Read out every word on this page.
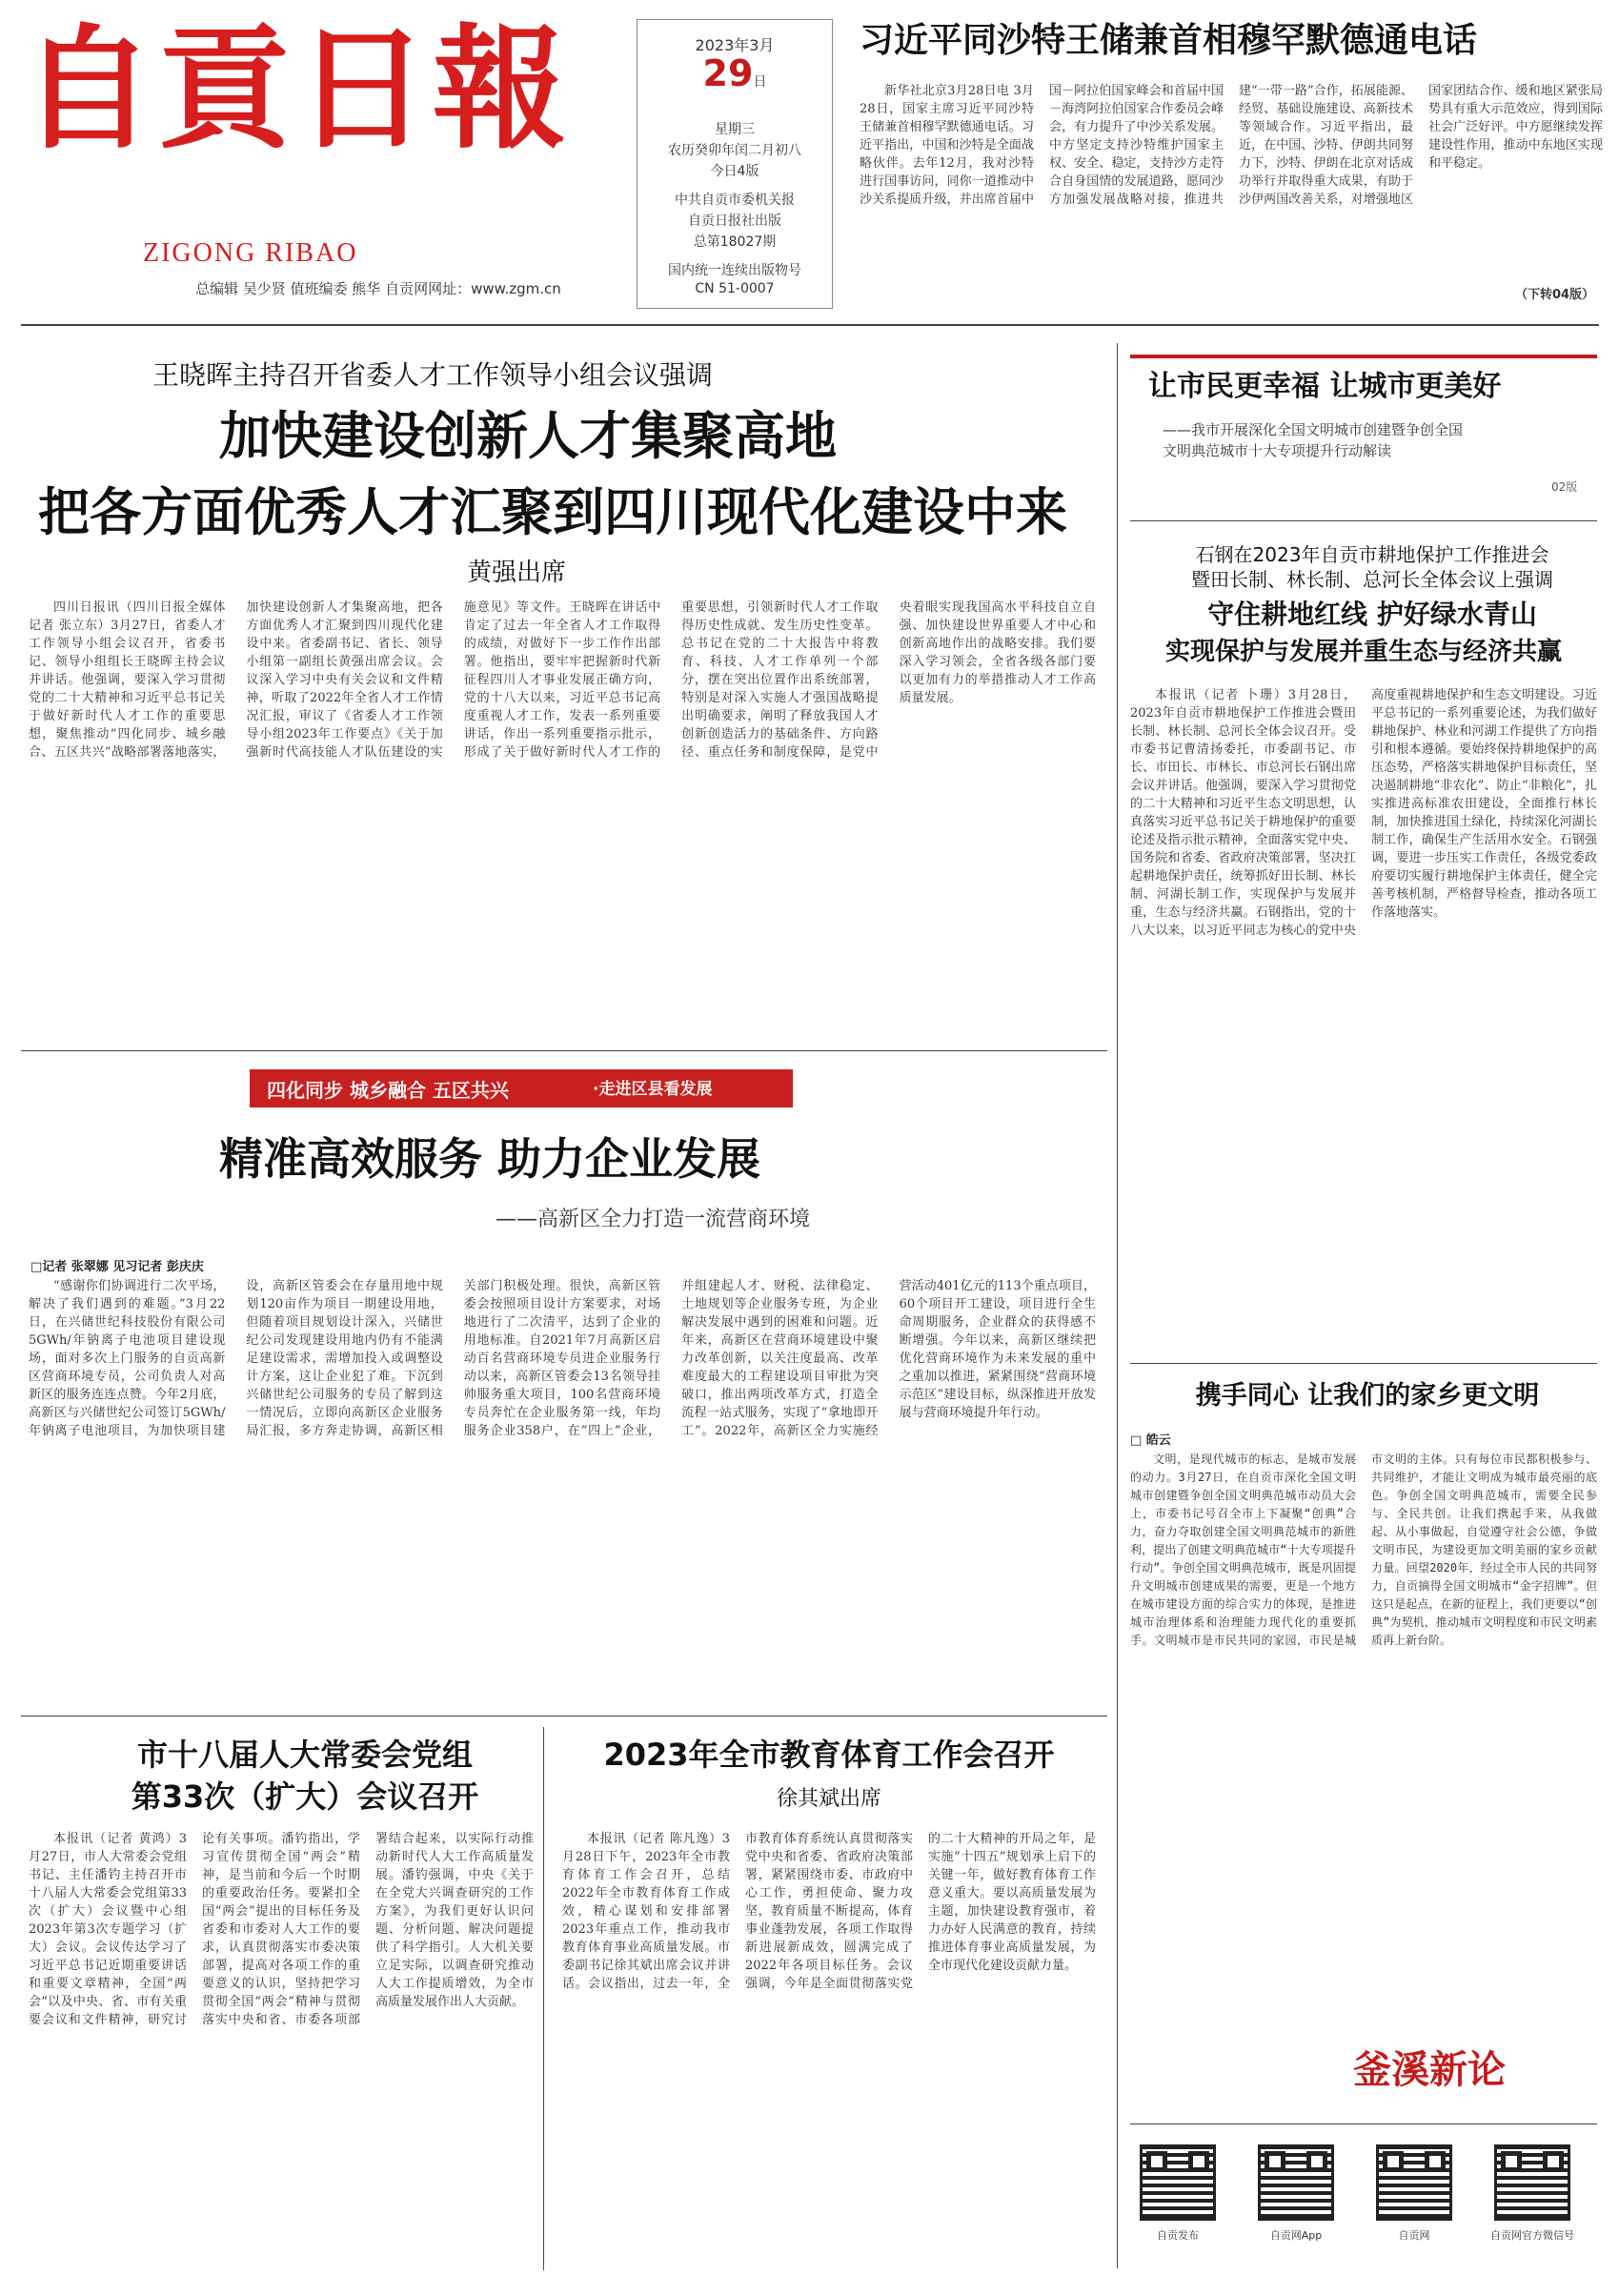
自貢日報
ZIGONG RIBAO
总编辑 吴少贤 值班编委 熊华 自贡网网址：www.zgm.cn
2023年3月
29日
星期三
农历癸卯年闰二月初八
今日4版
中共自贡市委机关报
自贡日报社出版
总第18027期
国内统一连续出版物号
CN 51-0007
习近平同沙特王储兼首相穆罕默德通电话

新华社北京3月28日电 3月28日，国家主席习近平同沙特王储兼首相穆罕默德通电话。习近平指出，中国和沙特是全面战略伙伴。去年12月，我对沙特进行国事访问，同你一道推动中沙关系提质升级，并出席首届中国－阿拉伯国家峰会和首届中国－海湾阿拉伯国家合作委员会峰会，有力提升了中沙关系发展。中方坚定支持沙特维护国家主权、安全、稳定，支持沙方走符合自身国情的发展道路，愿同沙方加强发展战略对接，推进共建“一带一路”合作，拓展能源、经贸、基础设施建设、高新技术等领域合作。习近平指出，最近，在中国、沙特、伊朗共同努力下，沙特、伊朗在北京对话成功举行并取得重大成果，有助于沙伊两国改善关系，对增强地区国家团结合作、缓和地区紧张局势具有重大示范效应，得到国际社会广泛好评。中方愿继续发挥建设性作用，推动中东地区实现和平稳定。

（下转04版）
王晓晖主持召开省委人才工作领导小组会议强调
加快建设创新人才集聚高地
把各方面优秀人才汇聚到四川现代化建设中来
黄强出席

四川日报讯（四川日报全媒体记者 张立东）3月27日，省委人才工作领导小组会议召开，省委书记、领导小组组长王晓晖主持会议并讲话。他强调，要深入学习贯彻党的二十大精神和习近平总书记关于做好新时代人才工作的重要思想，聚焦推动“四化同步、城乡融合、五区共兴”战略部署落地落实，加快建设创新人才集聚高地，把各方面优秀人才汇聚到四川现代化建设中来。省委副书记、省长、领导小组第一副组长黄强出席会议。会议深入学习中央有关会议和文件精神，听取了2022年全省人才工作情况汇报，审议了《省委人才工作领导小组2023年工作要点》《关于加强新时代高技能人才队伍建设的实施意见》等文件。王晓晖在讲话中肯定了过去一年全省人才工作取得的成绩，对做好下一步工作作出部署。他指出，要牢牢把握新时代新征程四川人才事业发展正确方向，党的十八大以来，习近平总书记高度重视人才工作，发表一系列重要讲话，作出一系列重要指示批示，形成了关于做好新时代人才工作的重要思想，引领新时代人才工作取得历史性成就、发生历史性变革。总书记在党的二十大报告中将教育、科技、人才工作单列一个部分，摆在突出位置作出系统部署，特别是对深入实施人才强国战略提出明确要求，阐明了释放我国人才创新创造活力的基础条件、方向路径、重点任务和制度保障，是党中央着眼实现我国高水平科技自立自强、加快建设世界重要人才中心和创新高地作出的战略安排。我们要深入学习领会，全省各级各部门要以更加有力的举措推动人才工作高质量发展。

四化同步 城乡融合 五区共兴	·走进区县看发展
精准高效服务 助力企业发展
——高新区全力打造一流营商环境
□记者 张翠娜 见习记者 彭庆庆

“感谢你们协调进行二次平场，解决了我们遇到的难题。”3月22日，在兴储世纪科技股份有限公司5GWh/年钠离子电池项目建设现场，面对多次上门服务的自贡高新区营商环境专员，公司负责人对高新区的服务连连点赞。今年2月底，高新区与兴储世纪公司签订5GWh/年钠离子电池项目，为加快项目建设，高新区管委会在存量用地中规划120亩作为项目一期建设用地，但随着项目规划设计深入，兴储世纪公司发现建设用地内仍有不能满足建设需求，需增加投入或调整设计方案，这让企业犯了难。下沉到兴储世纪公司服务的专员了解到这一情况后，立即向高新区企业服务局汇报，多方奔走协调，高新区相关部门积极处理。很快，高新区管委会按照项目设计方案要求，对场地进行了二次清平，达到了企业的用地标准。自2021年7月高新区启动百名营商环境专员进企业服务行动以来，高新区管委会13名领导挂帅服务重大项目，100名营商环境专员奔忙在企业服务第一线，年均服务企业358户，在“四上”企业，并组建起人才、财税、法律稳定、土地规划等企业服务专班，为企业解决发展中遇到的困难和问题。近年来，高新区在营商环境建设中聚力改革创新，以关注度最高、改革难度最大的工程建设项目审批为突破口，推出两项改革方式，打造全流程一站式服务，实现了“拿地即开工”。2022年，高新区全力实施经营活动401亿元的113个重点项目，60个项目开工建设，项目进行全生命周期服务，企业群众的获得感不断增强。今年以来，高新区继续把优化营商环境作为未来发展的重中之重加以推进，紧紧围绕“营商环境示范区”建设目标，纵深推进开放发展与营商环境提升年行动。

市十八届人大常委会党组
第33次（扩大）会议召开

本报讯（记者 黄鸿）3月27日，市人大常委会党组书记、主任潘钓主持召开市十八届人大常委会党组第33次（扩大）会议暨中心组2023年第3次专题学习（扩大）会议。会议传达学习了习近平总书记近期重要讲话和重要文章精神，全国“两会”以及中央、省、市有关重要会议和文件精神，研究讨论有关事项。潘钓指出，学习宣传贯彻全国“两会”精神，是当前和今后一个时期的重要政治任务。要紧扣全国“两会”提出的目标任务及省委和市委对人大工作的要求，认真贯彻落实市委决策部署，提高对各项工作的重要意义的认识，坚持把学习贯彻全国“两会”精神与贯彻落实中央和省、市委各项部署结合起来，以实际行动推动新时代人大工作高质量发展。潘钓强调，中央《关于在全党大兴调查研究的工作方案》，为我们更好认识问题、分析问题、解决问题提供了科学指引。人大机关要立足实际，以调查研究推动人大工作提质增效，为全市高质量发展作出人大贡献。

2023年全市教育体育工作会召开
徐其斌出席

本报讯（记者 陈凡逸）3月28日下午，2023年全市教育体育工作会召开，总结2022年全市教育体育工作成效，精心谋划和安排部署2023年重点工作，推动我市教育体育事业高质量发展。市委副书记徐其斌出席会议并讲话。会议指出，过去一年，全市教育体育系统认真贯彻落实党中央和省委、省政府决策部署，紧紧围绕市委、市政府中心工作，勇担使命、聚力攻坚，教育质量不断提高，体育事业蓬勃发展，各项工作取得新进展新成效，圆满完成了2022年各项目标任务。会议强调，今年是全面贯彻落实党的二十大精神的开局之年，是实施“十四五”规划承上启下的关键一年，做好教育体育工作意义重大。要以高质量发展为主题，加快建设教育强市，着力办好人民满意的教育，持续推进体育事业高质量发展，为全市现代化建设贡献力量。

让市民更幸福 让城市更美好
——我市开展深化全国文明城市创建暨争创全国
文明典范城市十大专项提升行动解读
02版
石钢在2023年自贡市耕地保护工作推进会
暨田长制、林长制、总河长全体会议上强调
守住耕地红线 护好绿水青山
实现保护与发展并重生态与经济共赢

本报讯（记者 卜珊）3月28日，2023年自贡市耕地保护工作推进会暨田长制、林长制、总河长全体会议召开。受市委书记曹清扬委托，市委副书记、市长、市田长、市林长、市总河长石钢出席会议并讲话。他强调，要深入学习贯彻党的二十大精神和习近平生态文明思想，认真落实习近平总书记关于耕地保护的重要论述及指示批示精神，全面落实党中央、国务院和省委、省政府决策部署，坚决扛起耕地保护责任，统筹抓好田长制、林长制、河湖长制工作，实现保护与发展并重，生态与经济共赢。石钢指出，党的十八大以来，以习近平同志为核心的党中央高度重视耕地保护和生态文明建设。习近平总书记的一系列重要论述，为我们做好耕地保护、林业和河湖工作提供了方向指引和根本遵循。要始终保持耕地保护的高压态势，严格落实耕地保护目标责任，坚决遏制耕地“非农化”、防止“非粮化”，扎实推进高标准农田建设，全面推行林长制，加快推进国土绿化，持续深化河湖长制工作，确保生产生活用水安全。石钢强调，要进一步压实工作责任，各级党委政府要切实履行耕地保护主体责任，健全完善考核机制，严格督导检查，推动各项工作落地落实。

携手同心 让我们的家乡更文明
□ 皓云

文明，是现代城市的标志，是城市发展的动力。3月27日，在自贡市深化全国文明城市创建暨争创全国文明典范城市动员大会上，市委书记号召全市上下凝聚“创典”合力，奋力夺取创建全国文明典范城市的新胜利，提出了创建文明典范城市“十大专项提升行动”。争创全国文明典范城市，既是巩固提升文明城市创建成果的需要，更是一个地方在城市建设方面的综合实力的体现，是推进城市治理体系和治理能力现代化的重要抓手。文明城市是市民共同的家园，市民是城市文明的主体。只有每位市民都积极参与、共同维护，才能让文明成为城市最亮丽的底色。争创全国文明典范城市，需要全民参与、全民共创。让我们携起手来，从我做起、从小事做起，自觉遵守社会公德，争做文明市民，为建设更加文明美丽的家乡贡献力量。回望2020年，经过全市人民的共同努力，自贡摘得全国文明城市“金字招牌”。但这只是起点，在新的征程上，我们更要以“创典”为契机，推动城市文明程度和市民文明素质再上新台阶。

釜溪新论
自贡发布	自贡网App	自贡网	自贡网官方微信号
